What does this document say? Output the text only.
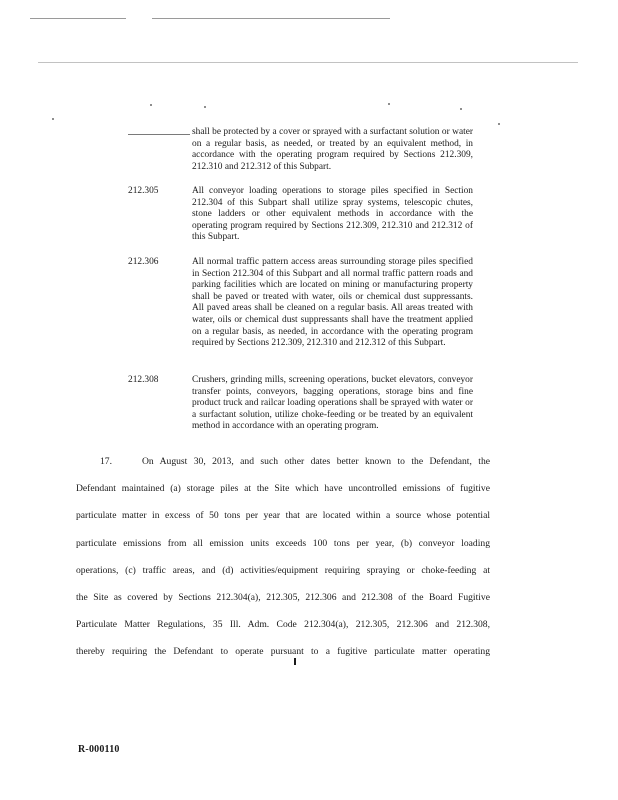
shall be protected by a cover or sprayed with a surfactant solution or water on a regular basis, as needed, or treated by an equivalent method, in accordance with the operating program required by Sections 212.309, 212.310 and 212.312 of this Subpart.
212.305	All conveyor loading operations to storage piles specified in Section 212.304 of this Subpart shall utilize spray systems, telescopic chutes, stone ladders or other equivalent methods in accordance with the operating program required by Sections 212.309, 212.310 and 212.312 of this Subpart.
212.306	All normal traffic pattern access areas surrounding storage piles specified in Section 212.304 of this Subpart and all normal traffic pattern roads and parking facilities which are located on mining or manufacturing property shall be paved or treated with water, oils or chemical dust suppressants. All paved areas shall be cleaned on a regular basis. All areas treated with water, oils or chemical dust suppressants shall have the treatment applied on a regular basis, as needed, in accordance with the operating program required by Sections 212.309, 212.310 and 212.312 of this Subpart.
212.308	Crushers, grinding mills, screening operations, bucket elevators, conveyor transfer points, conveyors, bagging operations, storage bins and fine product truck and railcar loading operations shall be sprayed with water or a surfactant solution, utilize choke-feeding or be treated by an equivalent method in accordance with an operating program.
17.	On August 30, 2013, and such other dates better known to the Defendant, the
Defendant maintained (a) storage piles at the Site which have uncontrolled emissions of fugitive
particulate matter in excess of 50 tons per year that are located within a source whose potential
particulate emissions from all emission units exceeds 100 tons per year, (b) conveyor loading
operations, (c) traffic areas, and (d) activities/equipment requiring spraying or choke-feeding at
the Site as covered by Sections 212.304(a), 212.305, 212.306 and 212.308 of the Board Fugitive
Particulate Matter Regulations, 35 Ill. Adm. Code 212.304(a), 212.305, 212.306 and 212.308,
thereby requiring the Defendant to operate pursuant to a fugitive particulate matter operating
R-000110
